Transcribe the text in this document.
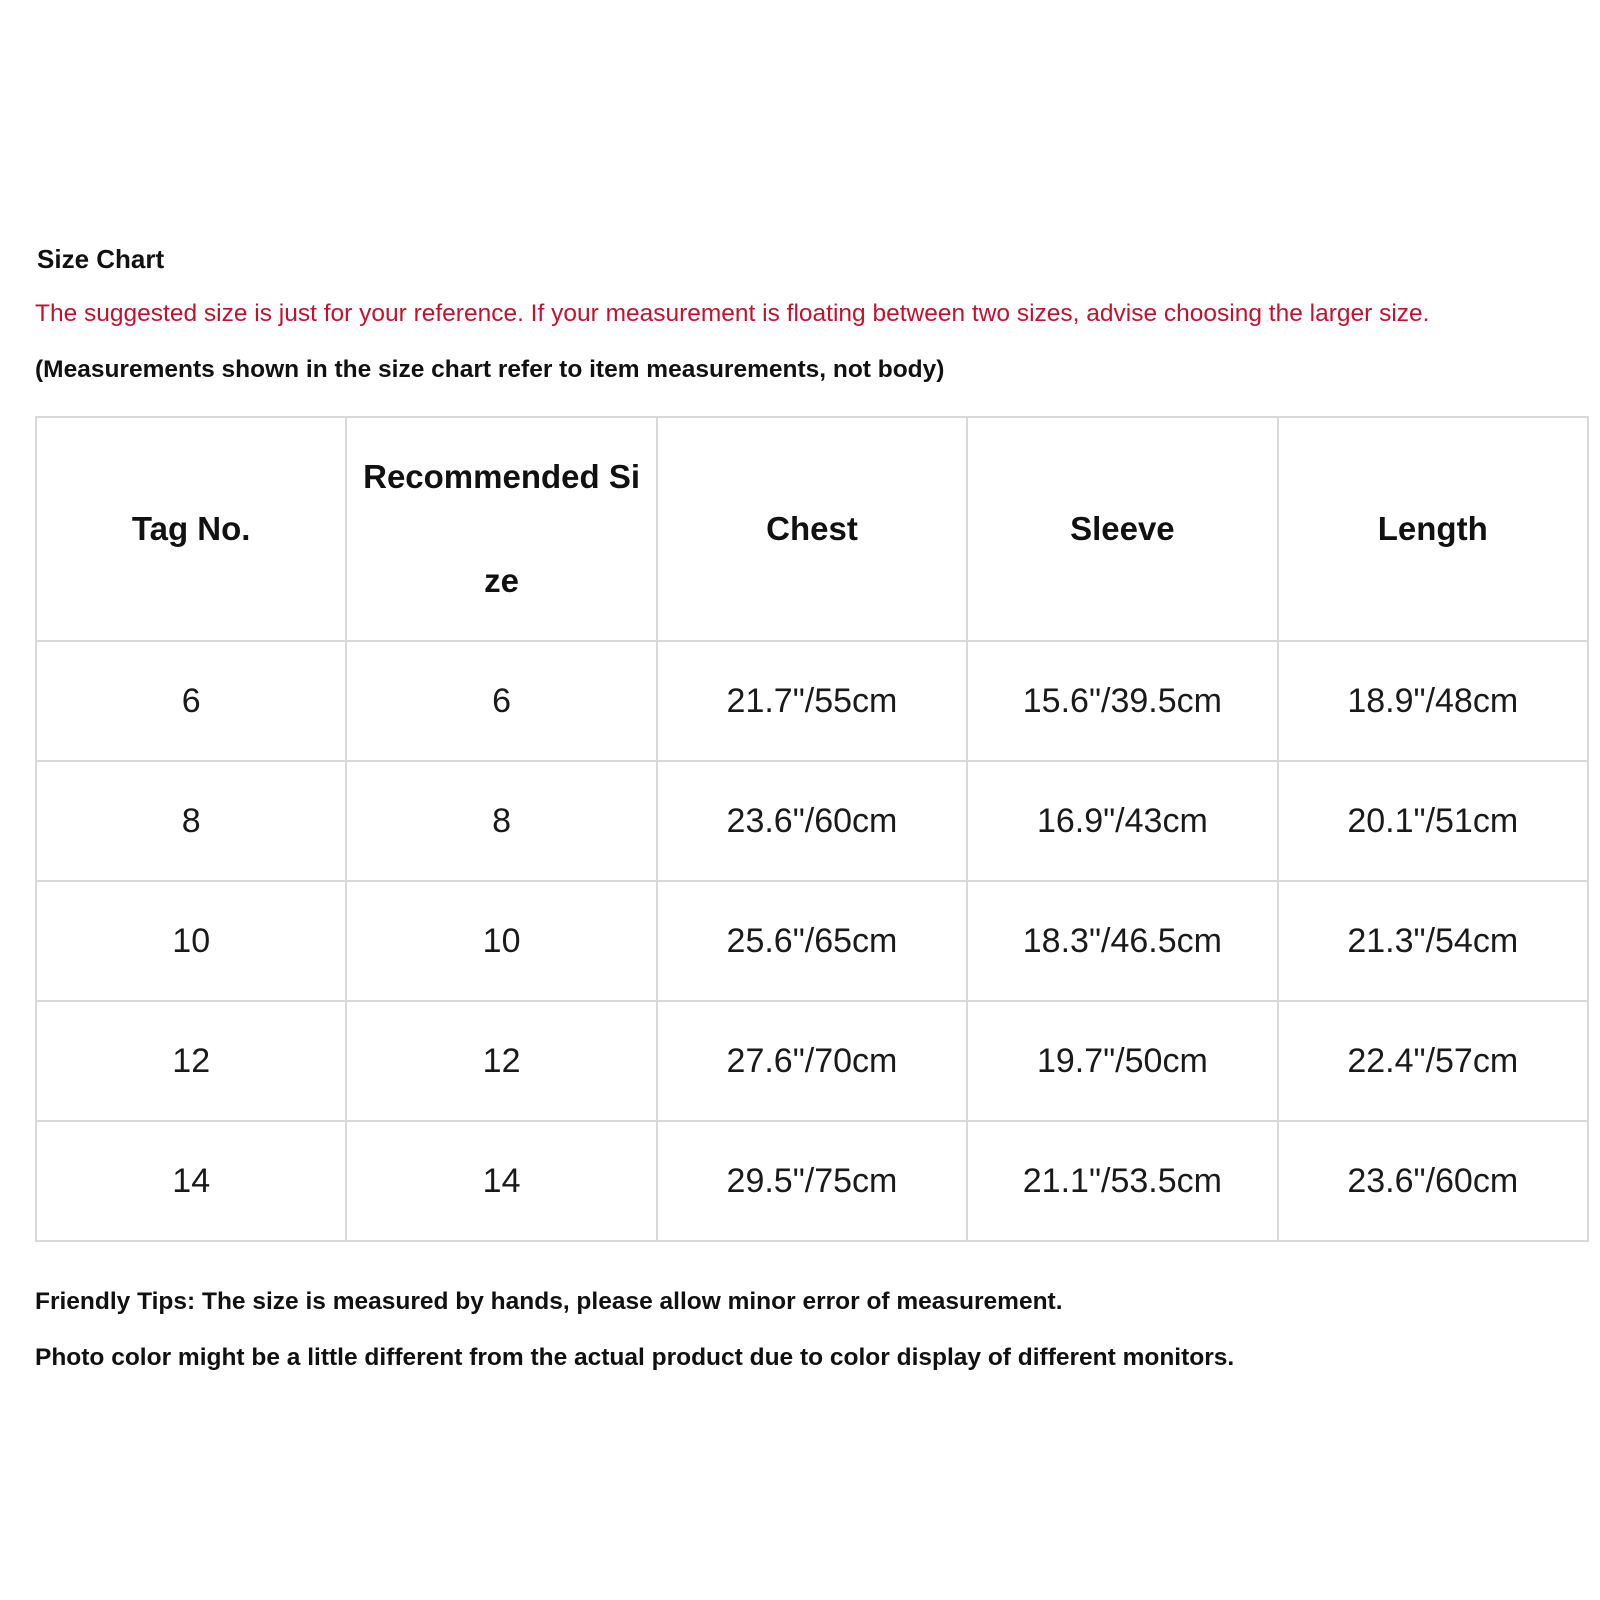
Size Chart
The suggested size is just for your reference. If your measurement is floating between two sizes, advise choosing the larger size.
(Measurements shown in the size chart refer to item measurements, not body)
Tag No.	Recommended Size	Chest	Sleeve	Length

6	6	21.7"/55cm	15.6"/39.5cm	18.9"/48cm
8	8	23.6"/60cm	16.9"/43cm	20.1"/51cm
10	10	25.6"/65cm	18.3"/46.5cm	21.3"/54cm
12	12	27.6"/70cm	19.7"/50cm	22.4"/57cm
14	14	29.5"/75cm	21.1"/53.5cm	23.6"/60cm
Friendly Tips: The size is measured by hands, please allow minor error of measurement.
Photo color might be a little different from the actual product due to color display of different monitors.
